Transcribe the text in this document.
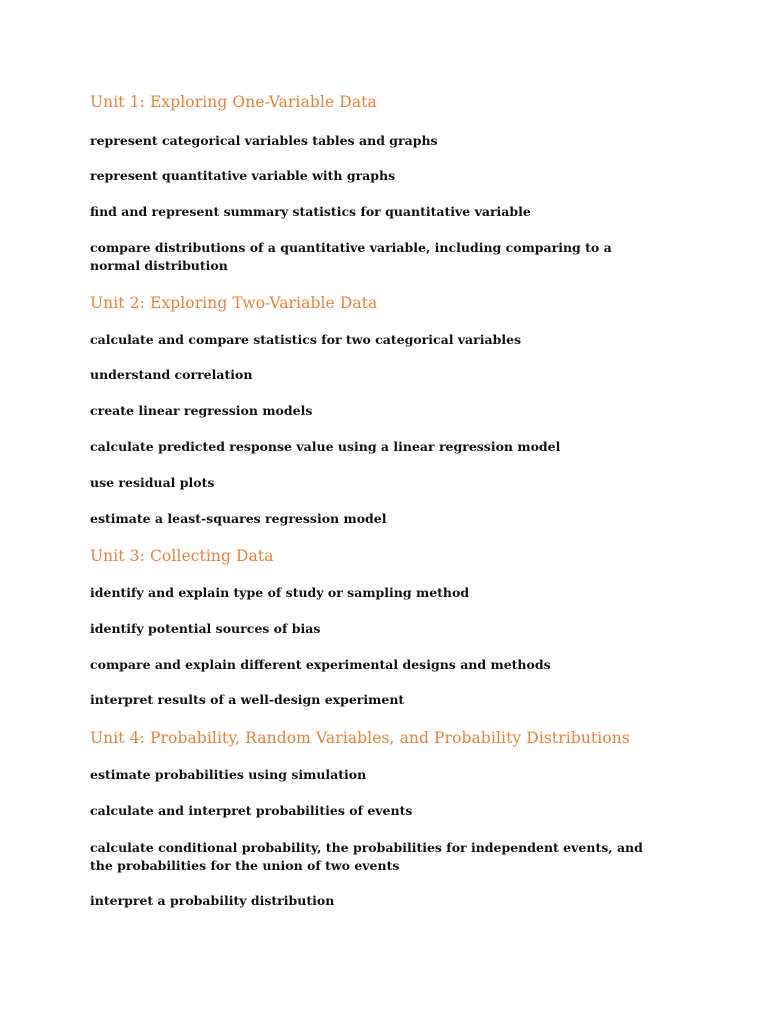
Unit 1: Exploring One-Variable Data

represent categorical variables tables and graphs

represent quantitative variable with graphs

find and represent summary statistics for quantitative variable

compare distributions of a quantitative variable, including comparing to a normal distribution

Unit 2: Exploring Two-Variable Data

calculate and compare statistics for two categorical variables

understand correlation

create linear regression models

calculate predicted response value using a linear regression model

use residual plots

estimate a least-squares regression model

Unit 3: Collecting Data

identify and explain type of study or sampling method

identify potential sources of bias

compare and explain different experimental designs and methods

interpret results of a well-design experiment

Unit 4: Probability, Random Variables, and Probability Distributions

estimate probabilities using simulation

calculate and interpret probabilities of events

calculate conditional probability, the probabilities for independent events, and the probabilities for the union of two events

interpret a probability distribution
